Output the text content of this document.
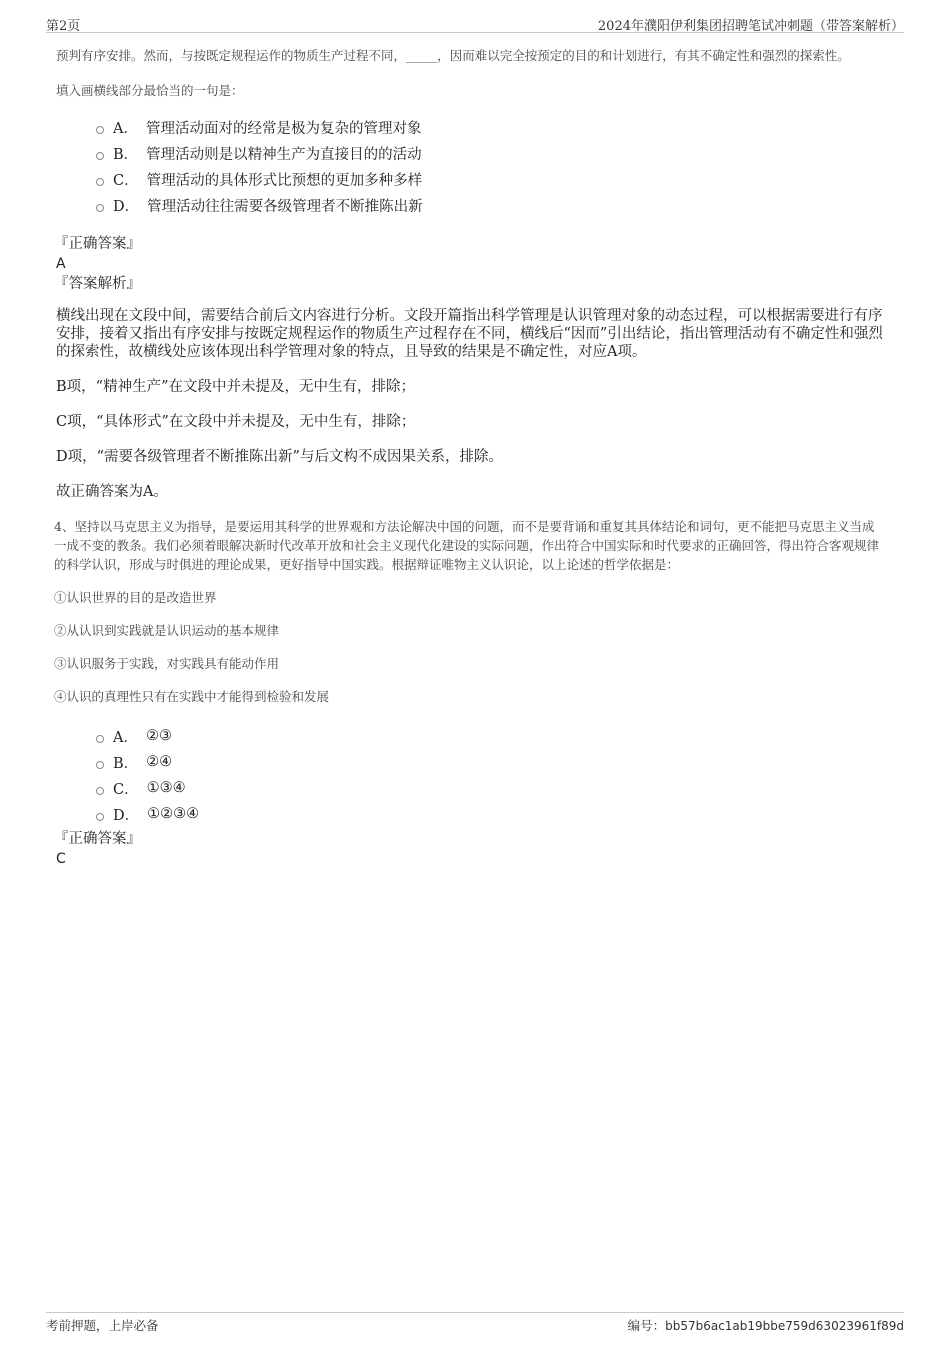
第2页	2024年濮阳伊利集团招聘笔试冲刺题（带答案解析）
预判有序安排。然而，与按既定规程运作的物质生产过程不同，_____，因而难以完全按预定的目的和计划进行，有其不确定性和强烈的探索性。
填入画横线部分最恰当的一句是：
A． 管理活动面对的经常是极为复杂的管理对象
B． 管理活动则是以精神生产为直接目的的活动
C． 管理活动的具体形式比预想的更加多种多样
D． 管理活动往往需要各级管理者不断推陈出新
『正确答案』
A
『答案解析』

横线出现在文段中间，需要结合前后文内容进行分析。文段开篇指出科学管理是认识管理对象的动态过程，可以根据需要进行有序安排，接着又指出有序安排与按既定规程运作的物质生产过程存在不同，横线后“因而”引出结论，指出管理活动有不确定性和强烈的探索性，故横线处应该体现出科学管理对象的特点，且导致的结果是不确定性，对应A项。

B项，“精神生产”在文段中并未提及，无中生有，排除；

C项，“具体形式”在文段中并未提及，无中生有，排除；

D项，“需要各级管理者不断推陈出新”与后文构不成因果关系，排除。

故正确答案为A。

4、坚持以马克思主义为指导，是要运用其科学的世界观和方法论解决中国的问题，而不是要背诵和重复其具体结论和词句，更不能把马克思主义当成一成不变的教条。我们必须着眼解决新时代改革开放和社会主义现代化建设的实际问题，作出符合中国实际和时代要求的正确回答，得出符合客观规律的科学认识，形成与时俱进的理论成果，更好指导中国实践。根据辩证唯物主义认识论，以上论述的哲学依据是：
①认识世界的目的是改造世界
②从认识到实践就是认识运动的基本规律
③认识服务于实践，对实践具有能动作用
④认识的真理性只有在实践中才能得到检验和发展
A． ②③
B． ②④
C． ①③④
D． ①②③④
『正确答案』
C
考前押题，上岸必备	编号：bb57b6ac1ab19bbe759d63023961f89d
